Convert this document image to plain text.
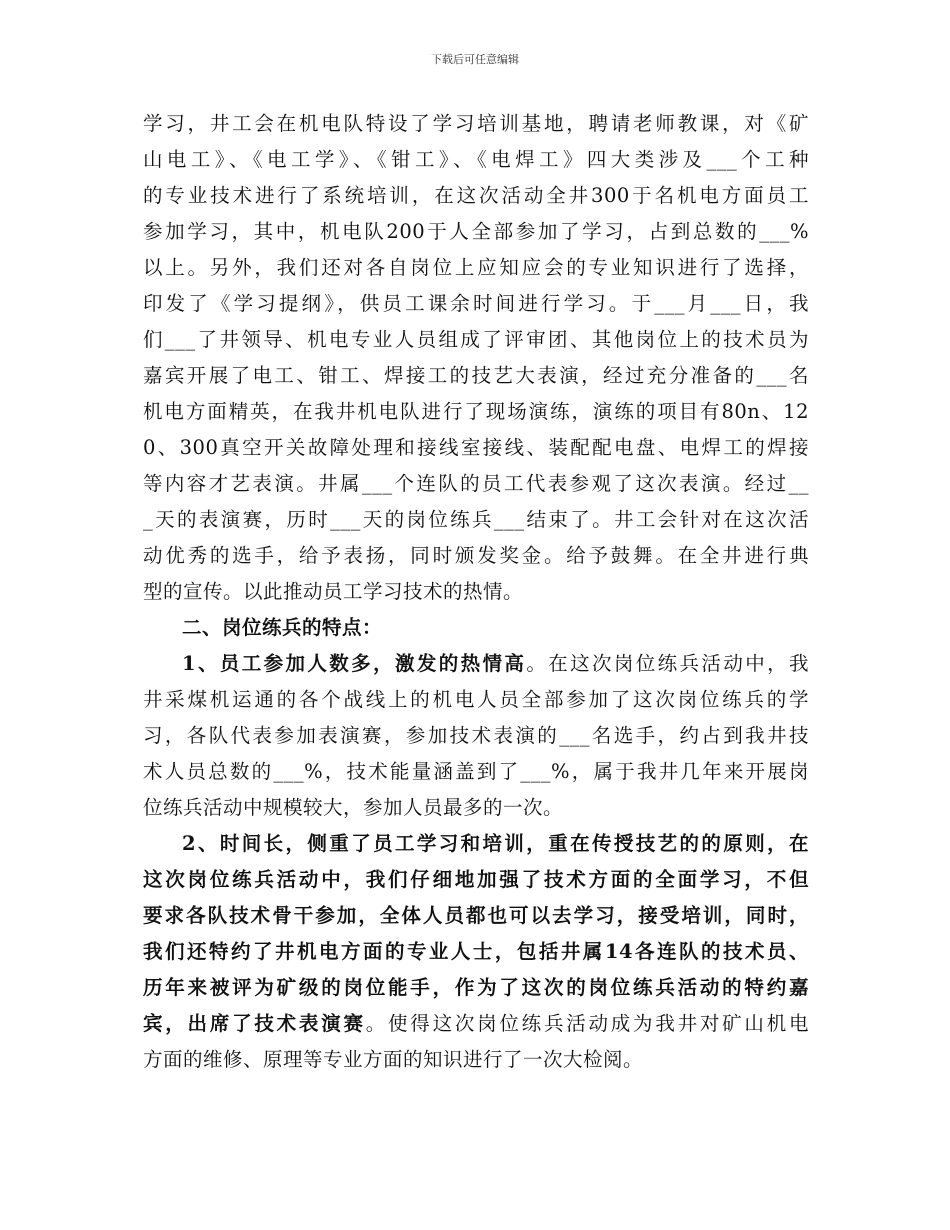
下载后可任意编辑
学习，井工会在机电队特设了学习培训基地，聘请老师教课，对《矿
山电工》、《电工学》、《钳工》、《电焊工》四大类涉及___个工种
的专业技术进行了系统培训，在这次活动全井300于名机电方面员工
参加学习，其中，机电队200于人全部参加了学习，占到总数的___%
以上。另外，我们还对各自岗位上应知应会的专业知识进行了选择，
印发了《学习提纲》，供员工课余时间进行学习。于___月___日，我
们___了井领导、机电专业人员组成了评审团、其他岗位上的技术员为
嘉宾开展了电工、钳工、焊接工的技艺大表演，经过充分准备的___名
机电方面精英，在我井机电队进行了现场演练，演练的项目有80n、12
0、300真空开关故障处理和接线室接线、装配配电盘、电焊工的焊接
等内容才艺表演。井属___个连队的员工代表参观了这次表演。经过__
_天的表演赛，历时___天的岗位练兵___结束了。井工会针对在这次活
动优秀的选手，给予表扬，同时颁发奖金。给予鼓舞。在全井进行典
型的宣传。以此推动员工学习技术的热情。
二、岗位练兵的特点：
1、员工参加人数多，激发的热情高。在这次岗位练兵活动中，我
井采煤机运通的各个战线上的机电人员全部参加了这次岗位练兵的学
习，各队代表参加表演赛，参加技术表演的___名选手，约占到我井技
术人员总数的___%，技术能量涵盖到了___%，属于我井几年来开展岗
位练兵活动中规模较大，参加人员最多的一次。
2、时间长，侧重了员工学习和培训，重在传授技艺的的原则，在
这次岗位练兵活动中，我们仔细地加强了技术方面的全面学习，不但
要求各队技术骨干参加，全体人员都也可以去学习，接受培训，同时，
我们还特约了井机电方面的专业人士，包括井属14各连队的技术员、
历年来被评为矿级的岗位能手，作为了这次的岗位练兵活动的特约嘉
宾，出席了技术表演赛。使得这次岗位练兵活动成为我井对矿山机电
方面的维修、原理等专业方面的知识进行了一次大检阅。
